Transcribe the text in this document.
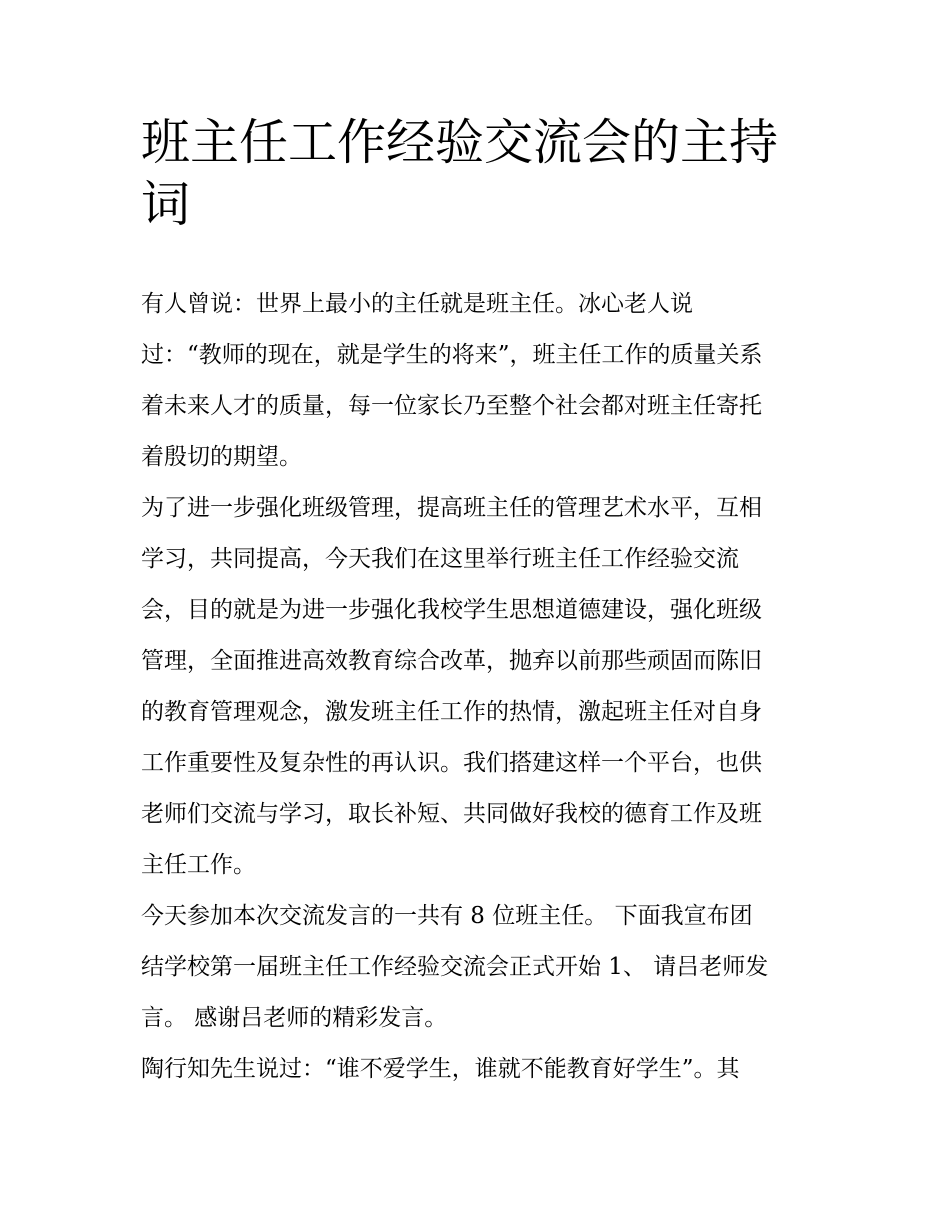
班主任工作经验交流会的主持
词
有人曾说：世界上最小的主任就是班主任。冰心老人说
过：“教师的现在，就是学生的将来”，班主任工作的质量关系
着未来人才的质量，每一位家长乃至整个社会都对班主任寄托
着殷切的期望。
为了进一步强化班级管理，提高班主任的管理艺术水平，互相
学习，共同提高，今天我们在这里举行班主任工作经验交流
会，目的就是为进一步强化我校学生思想道德建设，强化班级
管理，全面推进高效教育综合改革，抛弃以前那些顽固而陈旧
的教育管理观念，激发班主任工作的热情，激起班主任对自身
工作重要性及复杂性的再认识。我们搭建这样一个平台，也供
老师们交流与学习，取长补短、共同做好我校的德育工作及班
主任工作。
今天参加本次交流发言的一共有 8 位班主任。 下面我宣布团
结学校第一届班主任工作经验交流会正式开始 1、 请吕老师发
言。 感谢吕老师的精彩发言。
陶行知先生说过：“谁不爱学生，谁就不能教育好学生”。其
